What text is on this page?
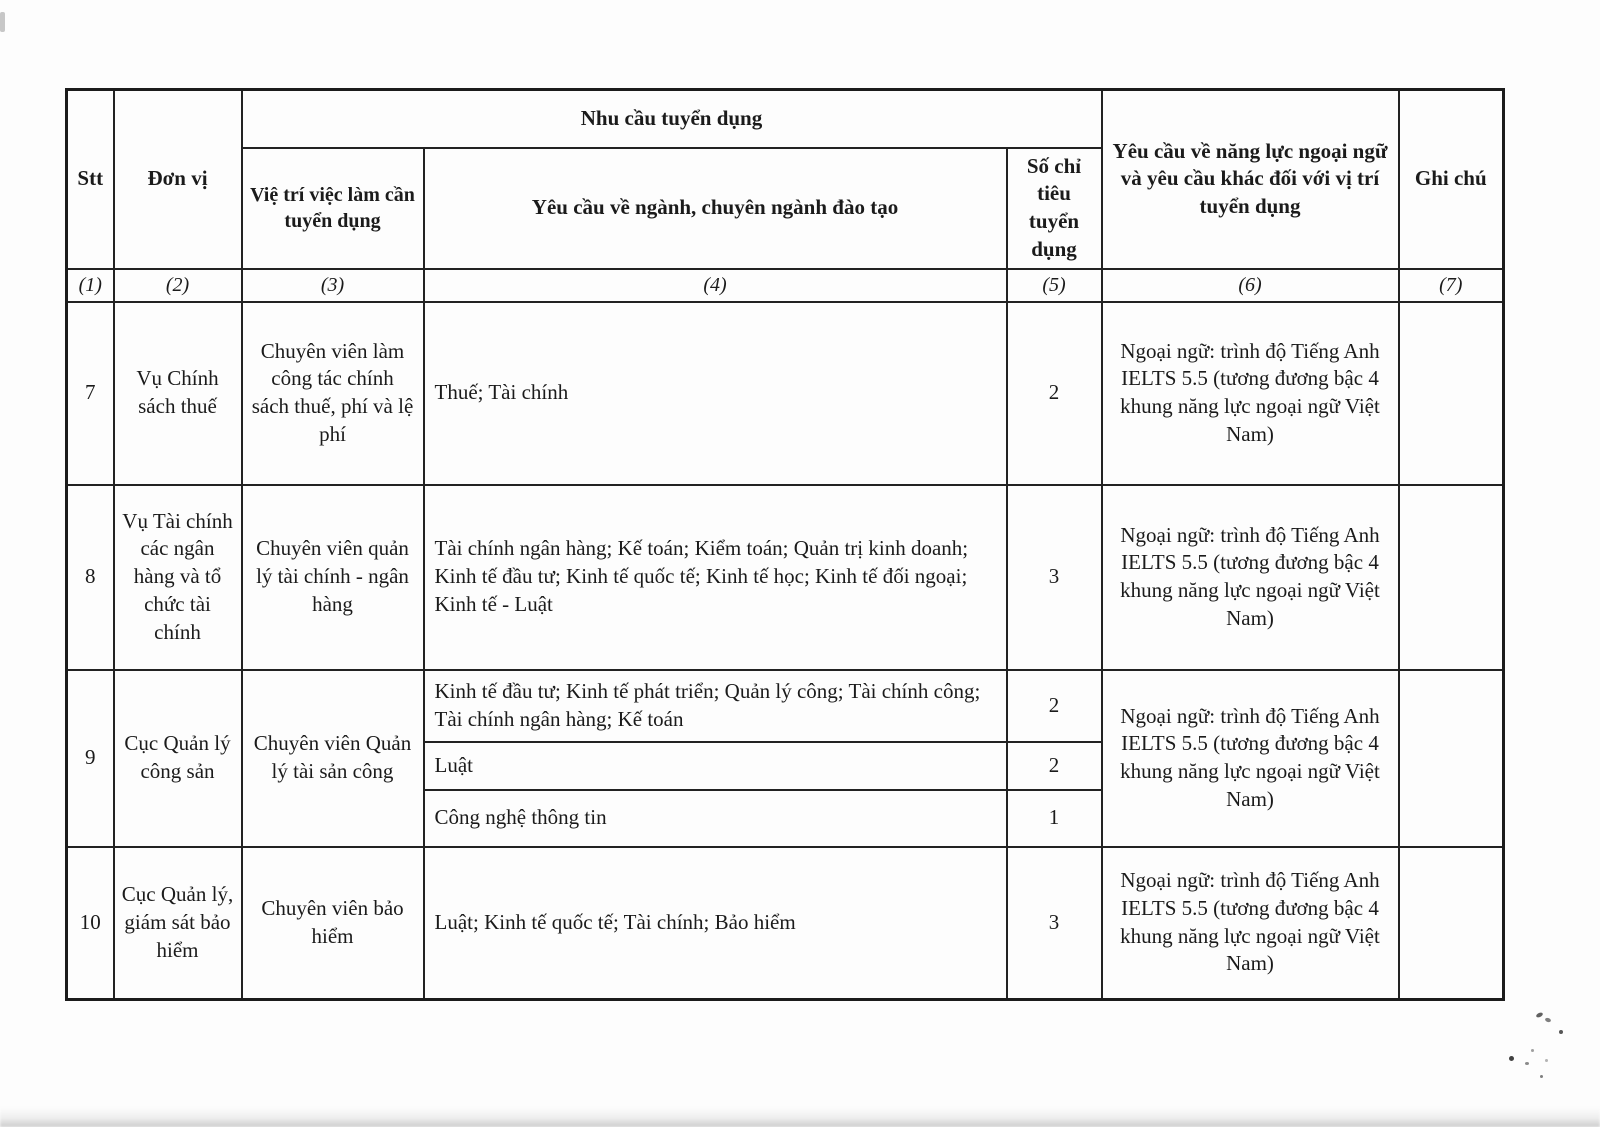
Stt	Đơn vị	Nhu cầu tuyển dụng			Yêu cầu về năng lực ngoại ngữ và yêu cầu khác đối với vị trí tuyển dụng	Ghi chú
		Việ trí việc làm cần tuyển dụng	Yêu cầu về ngành, chuyên ngành đào tạo	Số chỉ tiêu tuyển dụng		
(1)	(2)	(3)	(4)	(5)	(6)	(7)
7	Vụ Chính sách thuế	Chuyên viên làm công tác chính sách thuế, phí và lệ phí	Thuế; Tài chính	2	Ngoại ngữ: trình độ Tiếng Anh IELTS 5.5 (tương đương bậc 4 khung năng lực ngoại ngữ Việt Nam)	
8	Vụ Tài chính các ngân hàng và tổ chức tài chính	Chuyên viên quản lý tài chính - ngân hàng	Tài chính ngân hàng; Kế toán; Kiểm toán; Quản trị kinh doanh; Kinh tế đầu tư; Kinh tế quốc tế; Kinh tế học; Kinh tế đối ngoại; Kinh tế - Luật	3	Ngoại ngữ: trình độ Tiếng Anh IELTS 5.5 (tương đương bậc 4 khung năng lực ngoại ngữ Việt Nam)	
9	Cục Quản lý công sản	Chuyên viên Quản lý tài sản công	Kinh tế đầu tư; Kinh tế phát triển; Quản lý công; Tài chính công; Tài chính ngân hàng; Kế toán	2	Ngoại ngữ: trình độ Tiếng Anh IELTS 5.5 (tương đương bậc 4 khung năng lực ngoại ngữ Việt Nam)	
			Luật	2		
			Công nghệ thông tin	1		
10	Cục Quản lý, giám sát bảo hiểm	Chuyên viên bảo hiểm	Luật; Kinh tế quốc tế; Tài chính; Bảo hiểm	3	Ngoại ngữ: trình độ Tiếng Anh IELTS 5.5 (tương đương bậc 4 khung năng lực ngoại ngữ Việt Nam)	
